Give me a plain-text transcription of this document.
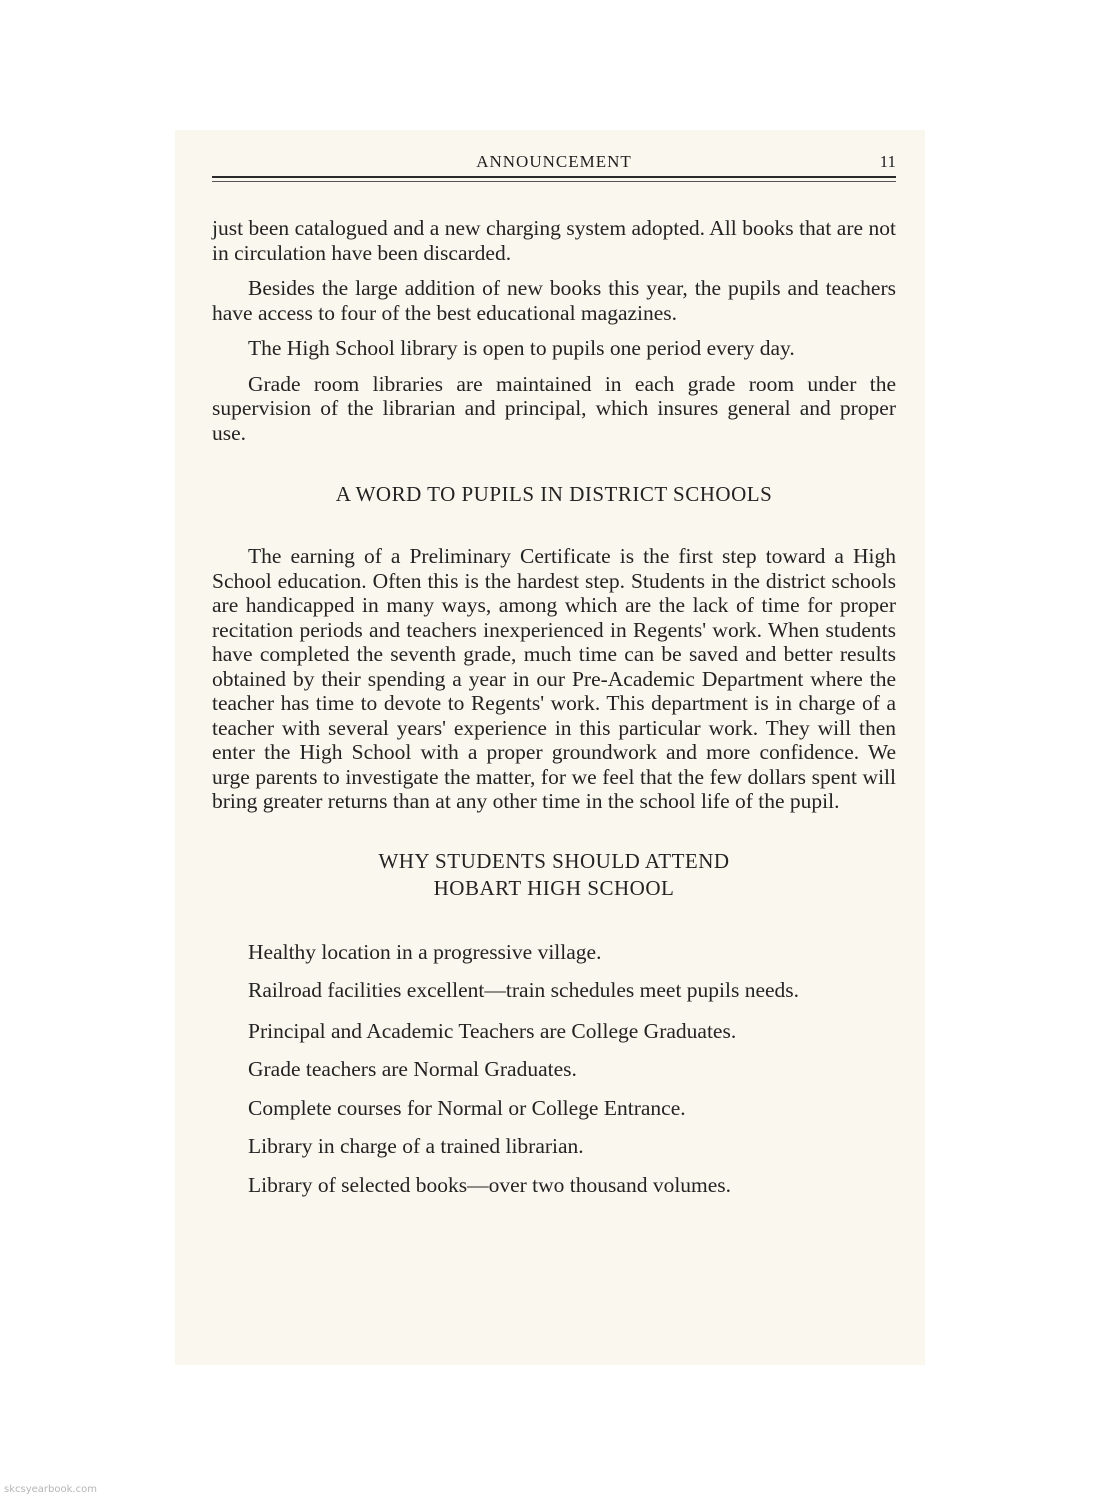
ANNOUNCEMENT	11

just been catalogued and a new charging system adopted. All books that are not in circulation have been discarded.

Besides the large addition of new books this year, the pupils and teachers have access to four of the best educational magazines.

The High School library is open to pupils one period every day.

Grade room libraries are maintained in each grade room under the supervision of the librarian and principal, which insures general and proper use.

A WORD TO PUPILS IN DISTRICT SCHOOLS

The earning of a Preliminary Certificate is the first step toward a High School education. Often this is the hardest step. Students in the district schools are handicapped in many ways, among which are the lack of time for proper recitation periods and teachers inexperienced in Regents' work. When students have completed the seventh grade, much time can be saved and better results obtained by their spending a year in our Pre-Academic Department where the teacher has time to devote to Regents' work. This department is in charge of a teacher with several years' experience in this particular work. They will then enter the High School with a proper groundwork and more confidence. We urge parents to investigate the matter, for we feel that the few dollars spent will bring greater returns than at any other time in the school life of the pupil.

WHY STUDENTS SHOULD ATTEND
HOBART HIGH SCHOOL

Healthy location in a progressive village.

Railroad facilities excellent—train schedules meet pupils needs.

Principal and Academic Teachers are College Graduates.

Grade teachers are Normal Graduates.

Complete courses for Normal or College Entrance.

Library in charge of a trained librarian.

Library of selected books—over two thousand volumes.

skcsyearbook.com
